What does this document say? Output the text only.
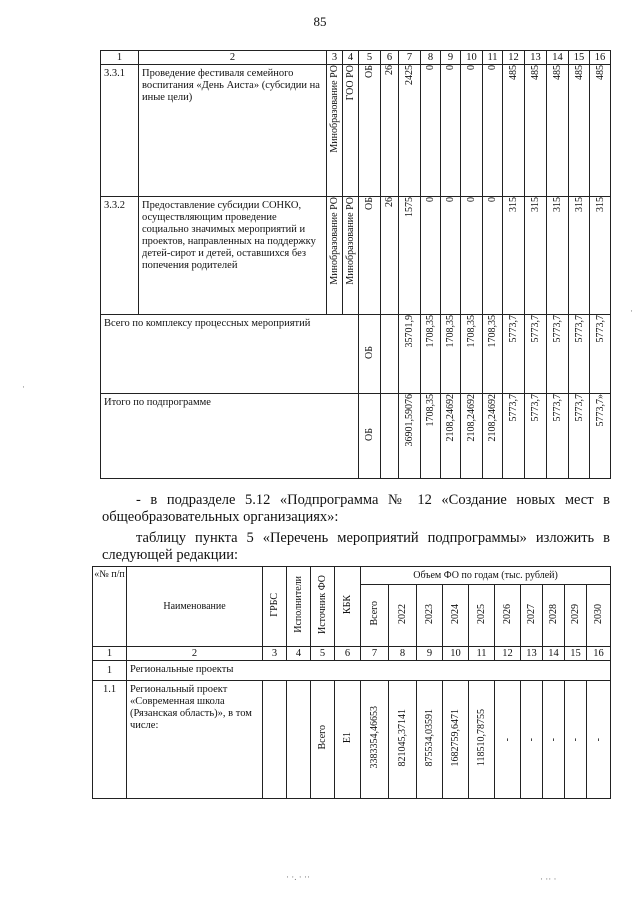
85
1	2	3	4	5	6	7	8	9	10	11	12	13	14	15	16
3.3.1	Проведение фестиваля семейного воспитания «День Аиста» (субсидии на иные цели)	Минобразование РО	ГОО РО	ОБ	26	2425	0	0	0	0	485	485	485	485	485
3.3.2	Предоставление субсидии СОНКО, осуществляющим проведение социально значимых мероприятий и проектов, направленных на поддержку детей-сирот и детей, оставшихся без попечения родителей	Минобразование РО	Минобразование РО	ОБ	26	1575	0	0	0	0	315	315	315	315	315
Всего по комплексу процессных мероприятий				ОБ		35701,9	1708,35	1708,35	1708,35	1708,35	5773,7	5773,7	5773,7	5773,7	5773,7
Итого по подпрограмме				ОБ		36901,59076	1708,35	2108,24692	2108,24692	2108,24692	5773,7	5773,7	5773,7	5773,7	5773,7»
- в подразделе 5.12 «Подпрограмма № 12 «Создание новых мест в
общеобразовательных организациях»:
таблицу пункта 5 «Перечень мероприятий подпрограммы» изложить в
следующей редакции:
«№ п/п	Наименование	ГРБС	Исполнители	Источник ФО	КБК	Объем ФО по годам (тыс. рублей)									
						Всего	2022	2023	2024	2025	2026	2027	2028	2029	2030
1	2	3	4	5	6	7	8	9	10	11	12	13	14	15	16
1	Региональные проекты														
1.1	Региональный проект «Современная школа (Рязанская область)», в том числе:			Всего	Е1	3383354,46653	821045,37141	875534,03591	1682759,6471	118510,78755	-	-	-	-	-
·
·
· ·. · ··	· ·· ·
